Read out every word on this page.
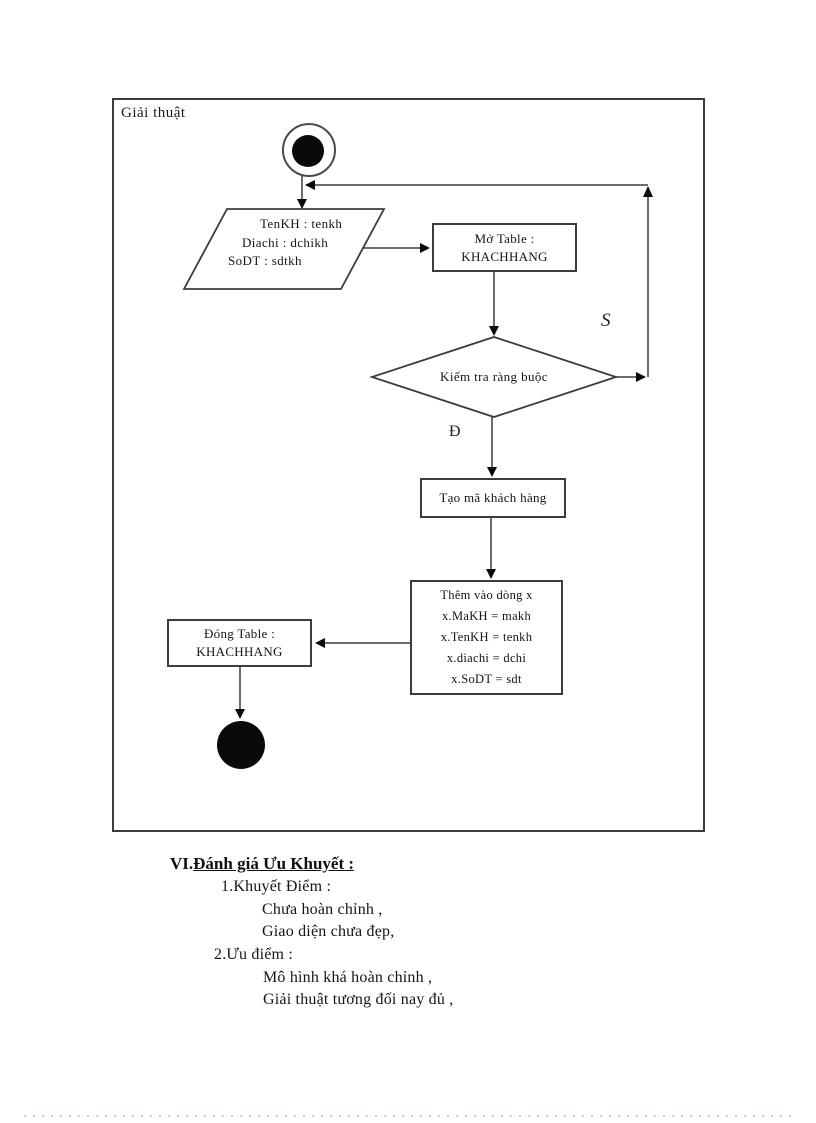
Giải thuật
TenKH : tenkh
Diachi : dchikh
SoDT : sdtkh
Mở Table :
KHACHHANG
Kiểm tra ràng buộc
S
Đ
Tạo mã khách hàng
Thêm vào dòng x
x.MaKH = makh
x.TenKH = tenkh
x.diachi = dchi
x.SoDT = sdt
Đóng Table :
KHACHHANG
VI.Đánh giá Ưu Khuyết :
1.Khuyết Điểm :
Chưa hoàn chỉnh ,
Giao diện chưa đẹp,
2.Ưu điểm :
Mô hình khá hoàn chỉnh ,
Giải thuật tương đối nay đủ ,
